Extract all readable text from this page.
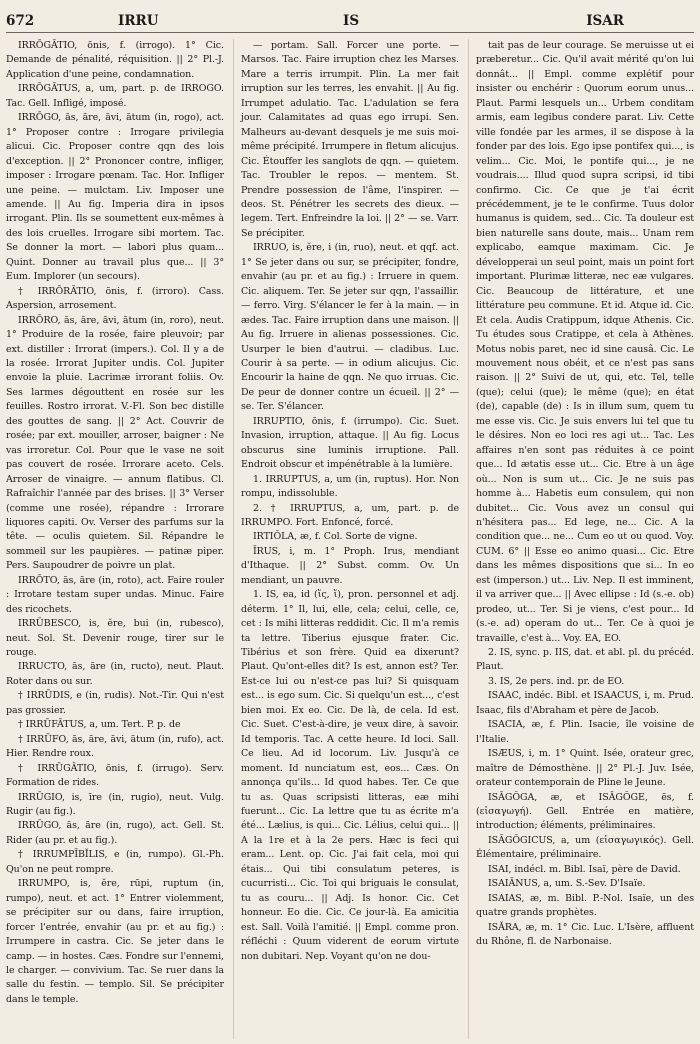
672	IRRU	IS	ISAR

IRRŌGĀTIO, ōnis, f. (irrogo). 1° Cic. Demande de pénalité, réquisition. || 2° Pl.-J. Application d'une peine, condamnation.

IRRŌGĀTUS, a, um, part. p. de IRROGO. Tac. Gell. Infligé, imposé.

IRRŌGO, ās, āre, āvi, ātum (in, rogo), act. 1° Proposer contre : Irrogare privilegia alicui. Cic. Proposer contre qqn des lois d'exception. || 2° Prononcer contre, infliger, imposer : Irrogare pœnam. Tac. Hor. Infliger une peine. — mulctam. Liv. Imposer une amende. || Au fig. Imperia dira in ipsos irrogant. Plin. Ils se soumettent eux-mêmes à des lois cruelles. Irrogare sibi mortem. Tac. Se donner la mort. — labori plus quam... Quint. Donner au travail plus que... || 3° Eum. Implorer (un secours).

† IRRŌRĀTIO, ōnis, f. (irroro). Cass. Aspersion, arrosement.

IRRŌRO, ās, āre, āvi, ātum (in, roro), neut. 1° Produire de la rosée, faire pleuvoir; par ext. distiller : Irrorat (impers.). Col. Il y a de la rosée. Irrorat Jupiter undis. Col. Jupiter envoie la pluie. Lacrimæ irrorant foliis. Ov. Ses larmes dégouttent en rosée sur les feuilles. Rostro irrorat. V.-Fl. Son bec distille des gouttes de sang. || 2° Act. Couvrir de rosée; par ext. mouiller, arroser, baigner : Ne vas irroretur. Col. Pour que le vase ne soit pas couvert de rosée. Irrorare aceto. Cels. Arroser de vinaigre. — annum flatibus. Cl. Rafraîchir l'année par des brises. || 3° Verser (comme une rosée), répandre : Irrorare liquores capiti. Ov. Verser des parfums sur la tête. — oculis quietem. Sil. Répandre le sommeil sur les paupières. — patinæ piper. Pers. Saupoudrer de poivre un plat.

IRRŌTO, ās, āre (in, roto), act. Faire rouler : Irrotare testam super undas. Minuc. Faire des ricochets.

IRRŪBESCO, is, ĕre, bui (in, rubesco), neut. Sol. St. Devenir rouge, tirer sur le rouge.

IRRUCTO, ās, āre (in, ructo), neut. Plaut. Roter dans ou sur.

† IRRŪDIS, e (in, rudis). Not.-Tir. Qui n'est pas grossier.

† IRRŪFĀTUS, a, um. Tert. P. p. de

† IRRŪFO, ās, āre, āvi, ātum (in, rufo), act. Hier. Rendre roux.

† IRRŪGĀTIO, ōnis, f. (irrugo). Serv. Formation de rides.

IRRŪGIO, is, īre (in, rugio), neut. Vulg. Rugir (au fig.).

IRRŪGO, ās, āre (in, rugo), act. Gell. St. Rider (au pr. et au fig.).

† IRRUMPĪBĬLIS, e (in, rumpo). Gl.-Ph. Qu'on ne peut rompre.

IRRUMPO, is, ĕre, rūpi, ruptum (in, rumpo), neut. et act. 1° Entrer violemment, se précipiter sur ou dans, faire irruption, forcer l'entrée, envahir (au pr. et au fig.) : Irrumpere in castra. Cic. Se jeter dans le camp. — in hostes. Cæs. Fondre sur l'ennemi, le charger. — convivium. Tac. Se ruer dans la salle du festin. — templo. Sil. Se précipiter dans le temple.

— portam. Sall. Forcer une porte. — Marsos. Tac. Faire irruption chez les Marses. Mare a terris irrumpit. Plin. La mer fait irruption sur les terres, les envahit. || Au fig. Irrumpet adulatio. Tac. L'adulation se fera jour. Calamitates ad quas ego irrupi. Sen. Malheurs au-devant desquels je me suis moi-même précipité. Irrumpere in fletum alicujus. Cic. Étouffer les sanglots de qqn. — quietem. Tac. Troubler le repos. — mentem. St. Prendre possession de l'âme, l'inspirer. — deos. St. Pénétrer les secrets des dieux. — legem. Tert. Enfreindre la loi. || 2° — se. Varr. Se précipiter.

IRRUO, is, ĕre, i (in, ruo), neut. et qqf. act. 1° Se jeter dans ou sur, se précipiter, fondre, envahir (au pr. et au fig.) : Irruere in quem. Cic. aliquem. Ter. Se jeter sur qqn, l'assaillir. — ferro. Virg. S'élancer le fer à la main. — in ædes. Tac. Faire irruption dans une maison. || Au fig. Irruere in alienas possessiones. Cic. Usurper le bien d'autrui. — cladibus. Luc. Courir à sa perte. — in odium alicujus. Cic. Encourir la haine de qqn. Ne quo irruas. Cic. De peur de donner contre un écueil. || 2° — se. Ter. S'élancer.

IRRUPTIO, ōnis, f. (irrumpo). Cic. Suet. Invasion, irruption, attaque. || Au fig. Locus obscurus sine luminis irruptione. Pall. Endroit obscur et impénétrable à la lumière.

1. IRRUPTUS, a, um (in, ruptus). Hor. Non rompu, indissoluble.

2. † IRRUPTUS, a, um, part. p. de IRRUMPO. Fort. Enfoncé, forcé.

IRTIŎLA, æ, f. Col. Sorte de vigne.

ĪRUS, i, m. 1° Proph. Irus, mendiant d'Ithaque. || 2° Subst. comm. Ov. Un mendiant, un pauvre.

1. IS, ea, id (ἵς, ἵ), pron. personnel et adj. déterm. 1° Il, lui, elle, cela; celui, celle, ce, cet : Is mihi litteras reddidit. Cic. Il m'a remis ta lettre. Tiberius ejusque frater. Cic. Tibérius et son frère. Quid ea dixerunt? Plaut. Qu'ont-elles dit? Is est, annon est? Ter. Est-ce lui ou n'est-ce pas lui? Si quisquam est... is ego sum. Cic. Si quelqu'un est..., c'est bien moi. Ex eo. Cic. De là, de cela. Id est. Cic. Suet. C'est-à-dire, je veux dire, à savoir. Id temporis. Tac. A cette heure. Id loci. Sall. Ce lieu. Ad id locorum. Liv. Jusqu'à ce moment. Id nunciatum est, eos... Cæs. On annonça qu'ils... Id quod habes. Ter. Ce que tu as. Quas scripsisti litteras, eæ mihi fuerunt... Cic. La lettre que tu as écrite m'a été... Lælius, is qui... Cic. Lélius, celui qui... || A la 1re et à la 2e pers. Hæc is feci qui eram... Lent. op. Cic. J'ai fait cela, moi qui étais... Qui tibi consulatum peteres, is cucurristi... Cic. Toi qui briguais le consulat, tu as couru... || Adj. Is honor. Cic. Cet honneur. Eo die. Cic. Ce jour-là. Ea amicitia est. Sall. Voilà l'amitié. || Empl. comme pron. réfléchi : Quum viderent de eorum virtute non dubitari. Nep. Voyant qu'on ne dou-

tait pas de leur courage. Se meruisse ut ei præberetur... Cic. Qu'il avait mérité qu'on lui donnât... || Empl. comme explétif pour insister ou enchérir : Quorum eorum unus... Plaut. Parmi lesquels un... Urbem conditam armis, eam legibus condere parat. Liv. Cette ville fondée par les armes, il se dispose à la fonder par des lois. Ego ipse pontifex qui..., is velim... Cic. Moi, le pontife qui..., je ne voudrais.... Illud quod supra scripsi, id tibi confirmo. Cic. Ce que je t'ai écrit précédemment, je te le confirme. Tuus dolor humanus is quidem, sed... Cic. Ta douleur est bien naturelle sans doute, mais... Unam rem explicabo, eamque maximam. Cic. Je développerai un seul point, mais un point fort important. Plurimæ litteræ, nec eæ vulgares. Cic. Beaucoup de littérature, et une littérature peu commune. Et id. Atque id. Cic. Et cela. Audis Cratippum, idque Athenis. Cic. Tu études sous Cratippe, et cela à Athènes. Motus nobis paret, nec id sine causâ. Cic. Le mouvement nous obéit, et ce n'est pas sans raison. || 2° Suivi de ut, qui, etc. Tel, telle (que); celui (que); le même (que); en état (de), capable (de) : Is in illum sum, quem tu me esse vis. Cic. Je suis envers lui tel que tu le désires. Non eo loci res agi ut... Tac. Les affaires n'en sont pas réduites à ce point que... Id ætatis esse ut... Cic. Etre à un âge où... Non is sum ut... Cic. Je ne suis pas homme à... Habetis eum consulem, qui non dubitet... Cic. Vous avez un consul qui n'hésitera pas... Ed lege, ne... Cic. A la condition que... ne... Cum eo ut ou quod. Voy. CUM. 6° || Esse eo animo quasi... Cic. Etre dans les mêmes dispositions que si... In eo est (imperson.) ut... Liv. Nep. Il est imminent, il va arriver que... || Avec ellipse : Id (s.-e. ob) prodeo, ut... Ter. Si je viens, c'est pour... Id (s.-e. ad) operam do ut... Ter. Ce à quoi je travaille, c'est à... Voy. EA, EO.

2. IS, sync. p. IIS, dat. et abl. pl. du précéd. Plaut.

3. IS, 2e pers. ind. pr. de EO.

ISAAC, indéc. Bibl. et ISAACUS, i, m. Prud. Isaac, fils d'Abraham et père de Jacob.

ISACIA, æ, f. Plin. Isacie, île voisine de l'Italie.

ISÆUS, i, m. 1° Quint. Isée, orateur grec, maître de Démosthène. || 2° Pl.-J. Juv. Isée, orateur contemporain de Pline le Jeune.

ISĀGŎGA, æ, et ISĀGŎGE, ēs, f. (εἰσαγωγή). Gell. Entrée en matière, introduction; éléments, préliminaires.

ISĀGŎGICUS, a, um (εἰσαγωγικός). Gell. Élémentaire, préliminaire.

ISAI, indécl. m. Bibl. Isaï, père de David.

ISAIĀNUS, a, um. S.-Sev. D'Isaïe.

ISAIAS, æ, m. Bibl. P.-Nol. Isaïe, un des quatre grands prophètes.

ISĂRA, æ, m. 1° Cic. Luc. L'Isère, affluent du Rhône, fl. de Narbonaise.
